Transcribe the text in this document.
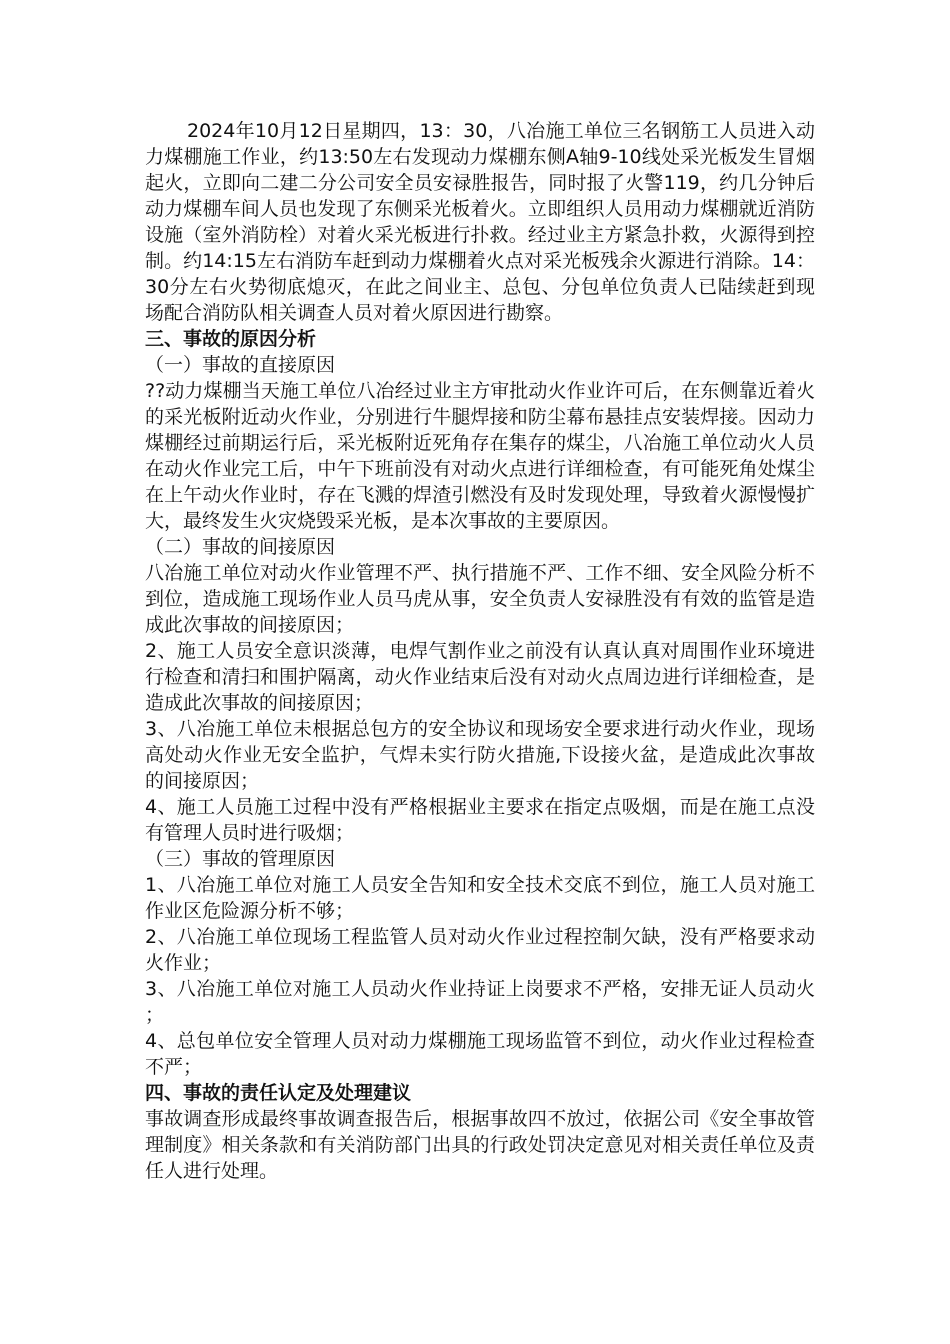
2024年10月12日星期四，13：30，八冶施工单位三名钢筋工人员进入动力煤棚施工作业，约13:50左右发现动力煤棚东侧A轴9-10线处采光板发生冒烟起火，立即向二建二分公司安全员安禄胜报告，同时报了火警119，约几分钟后动力煤棚车间人员也发现了东侧采光板着火。立即组织人员用动力煤棚就近消防设施（室外消防栓）对着火采光板进行扑救。经过业主方紧急扑救，火源得到控制。约14:15左右消防车赶到动力煤棚着火点对采光板残余火源进行消除。14：30分左右火势彻底熄灭，在此之间业主、总包、分包单位负责人已陆续赶到现场配合消防队相关调查人员对着火原因进行勘察。

三、事故的原因分析

（一）事故的直接原因

??动力煤棚当天施工单位八冶经过业主方审批动火作业许可后，在东侧靠近着火的采光板附近动火作业，分别进行牛腿焊接和防尘幕布悬挂点安装焊接。因动力煤棚经过前期运行后，采光板附近死角存在集存的煤尘，八冶施工单位动火人员在动火作业完工后，中午下班前没有对动火点进行详细检查，有可能死角处煤尘在上午动火作业时，存在飞溅的焊渣引燃没有及时发现处理，导致着火源慢慢扩大，最终发生火灾烧毁采光板，是本次事故的主要原因。

（二）事故的间接原因

八冶施工单位对动火作业管理不严、执行措施不严、工作不细、安全风险分析不到位，造成施工现场作业人员马虎从事，安全负责人安禄胜没有有效的监管是造成此次事故的间接原因；

2、施工人员安全意识淡薄，电焊气割作业之前没有认真认真对周围作业环境进行检查和清扫和围护隔离，动火作业结束后没有对动火点周边进行详细检查，是造成此次事故的间接原因；

3、八冶施工单位未根据总包方的安全协议和现场安全要求进行动火作业，现场高处动火作业无安全监护，气焊未实行防火措施,下设接火盆，是造成此次事故的间接原因；

4、施工人员施工过程中没有严格根据业主要求在指定点吸烟，而是在施工点没有管理人员时进行吸烟；

（三）事故的管理原因

1、八冶施工单位对施工人员安全告知和安全技术交底不到位，施工人员对施工作业区危险源分析不够；

2、八冶施工单位现场工程监管人员对动火作业过程控制欠缺，没有严格要求动火作业；

3、八冶施工单位对施工人员动火作业持证上岗要求不严格，安排无证人员动火；

4、总包单位安全管理人员对动力煤棚施工现场监管不到位，动火作业过程检查不严；

四、事故的责任认定及处理建议

事故调查形成最终事故调查报告后，根据事故四不放过，依据公司《安全事故管理制度》相关条款和有关消防部门出具的行政处罚决定意见对相关责任单位及责任人进行处理。
